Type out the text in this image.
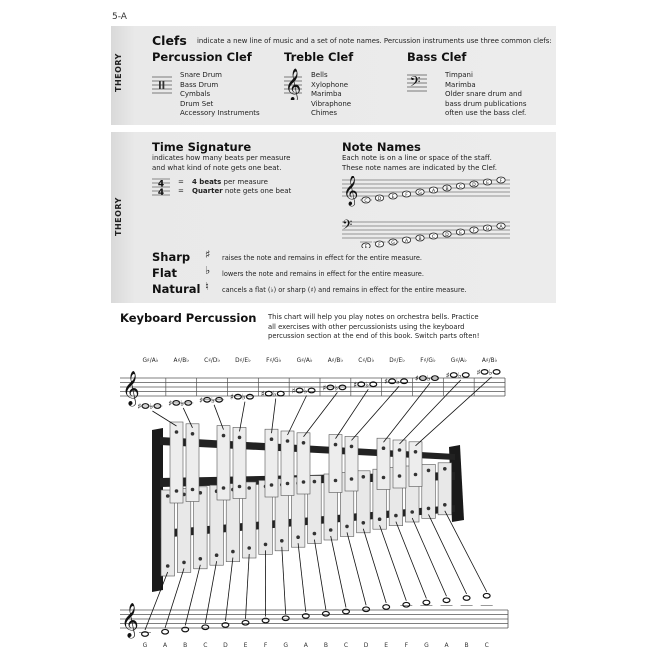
5-A
THEORY
Clefs indicate a new line of music and a set of note names. Percussion instruments use three common clefs:
Percussion Clef
Snare Drum
Bass Drum
Cymbals
Drum Set
Accessory Instruments
Treble Clef
𝄞 Bells
Xylophone
Marimba
Vibraphone
Chimes
Bass Clef
𝄢	Timpani
Marimba
Older snare drum and
bass drum publications
often use the bass clef.
THEORY
Time Signature
indicates how many beats per measure
and what kind of note gets one beat.
4
4
= 4 beats per measure
= Quarter note gets one beat
Note Names
Each note is on a line or space of the staff.
These note names are indicated by the Clef.
𝄞 C D E F G A B C D E F
𝄢
E F G A B C D E F G A
Sharp ♯ raises the note and remains in effect for the entire measure.
Flat	♭ lowers the note and remains in effect for the entire measure.
Natural ♮ cancels a flat (♭) or sharp (♯) and remains in effect for the entire measure.
Keyboard Percussion This chart will help you play notes on orchestra bells. Practice
all exercises with other percussionists using the keyboard
percussion section at the end of this book. Switch parts often!
𝄞
G♯/A♭
♯ ♭
A♯/B♭
♯ ♭
C♯/D♭
♯ ♭
D♯/E♭
♯ ♭
F♯/G♭
♯ ♭
G♯/A♭
♯ ♭
A♯/B♭
♯ ♭
C♯/D♭
♯ ♭
D♯/E♭
♯ ♭
F♯/G♭
♯ ♭
G♯/A♭
♯ ♭
A♯/B♭
♯ ♭
𝄞
G	A	B	C	D	E	F	G	A	B	C	D	E	F	G	A	B	C
